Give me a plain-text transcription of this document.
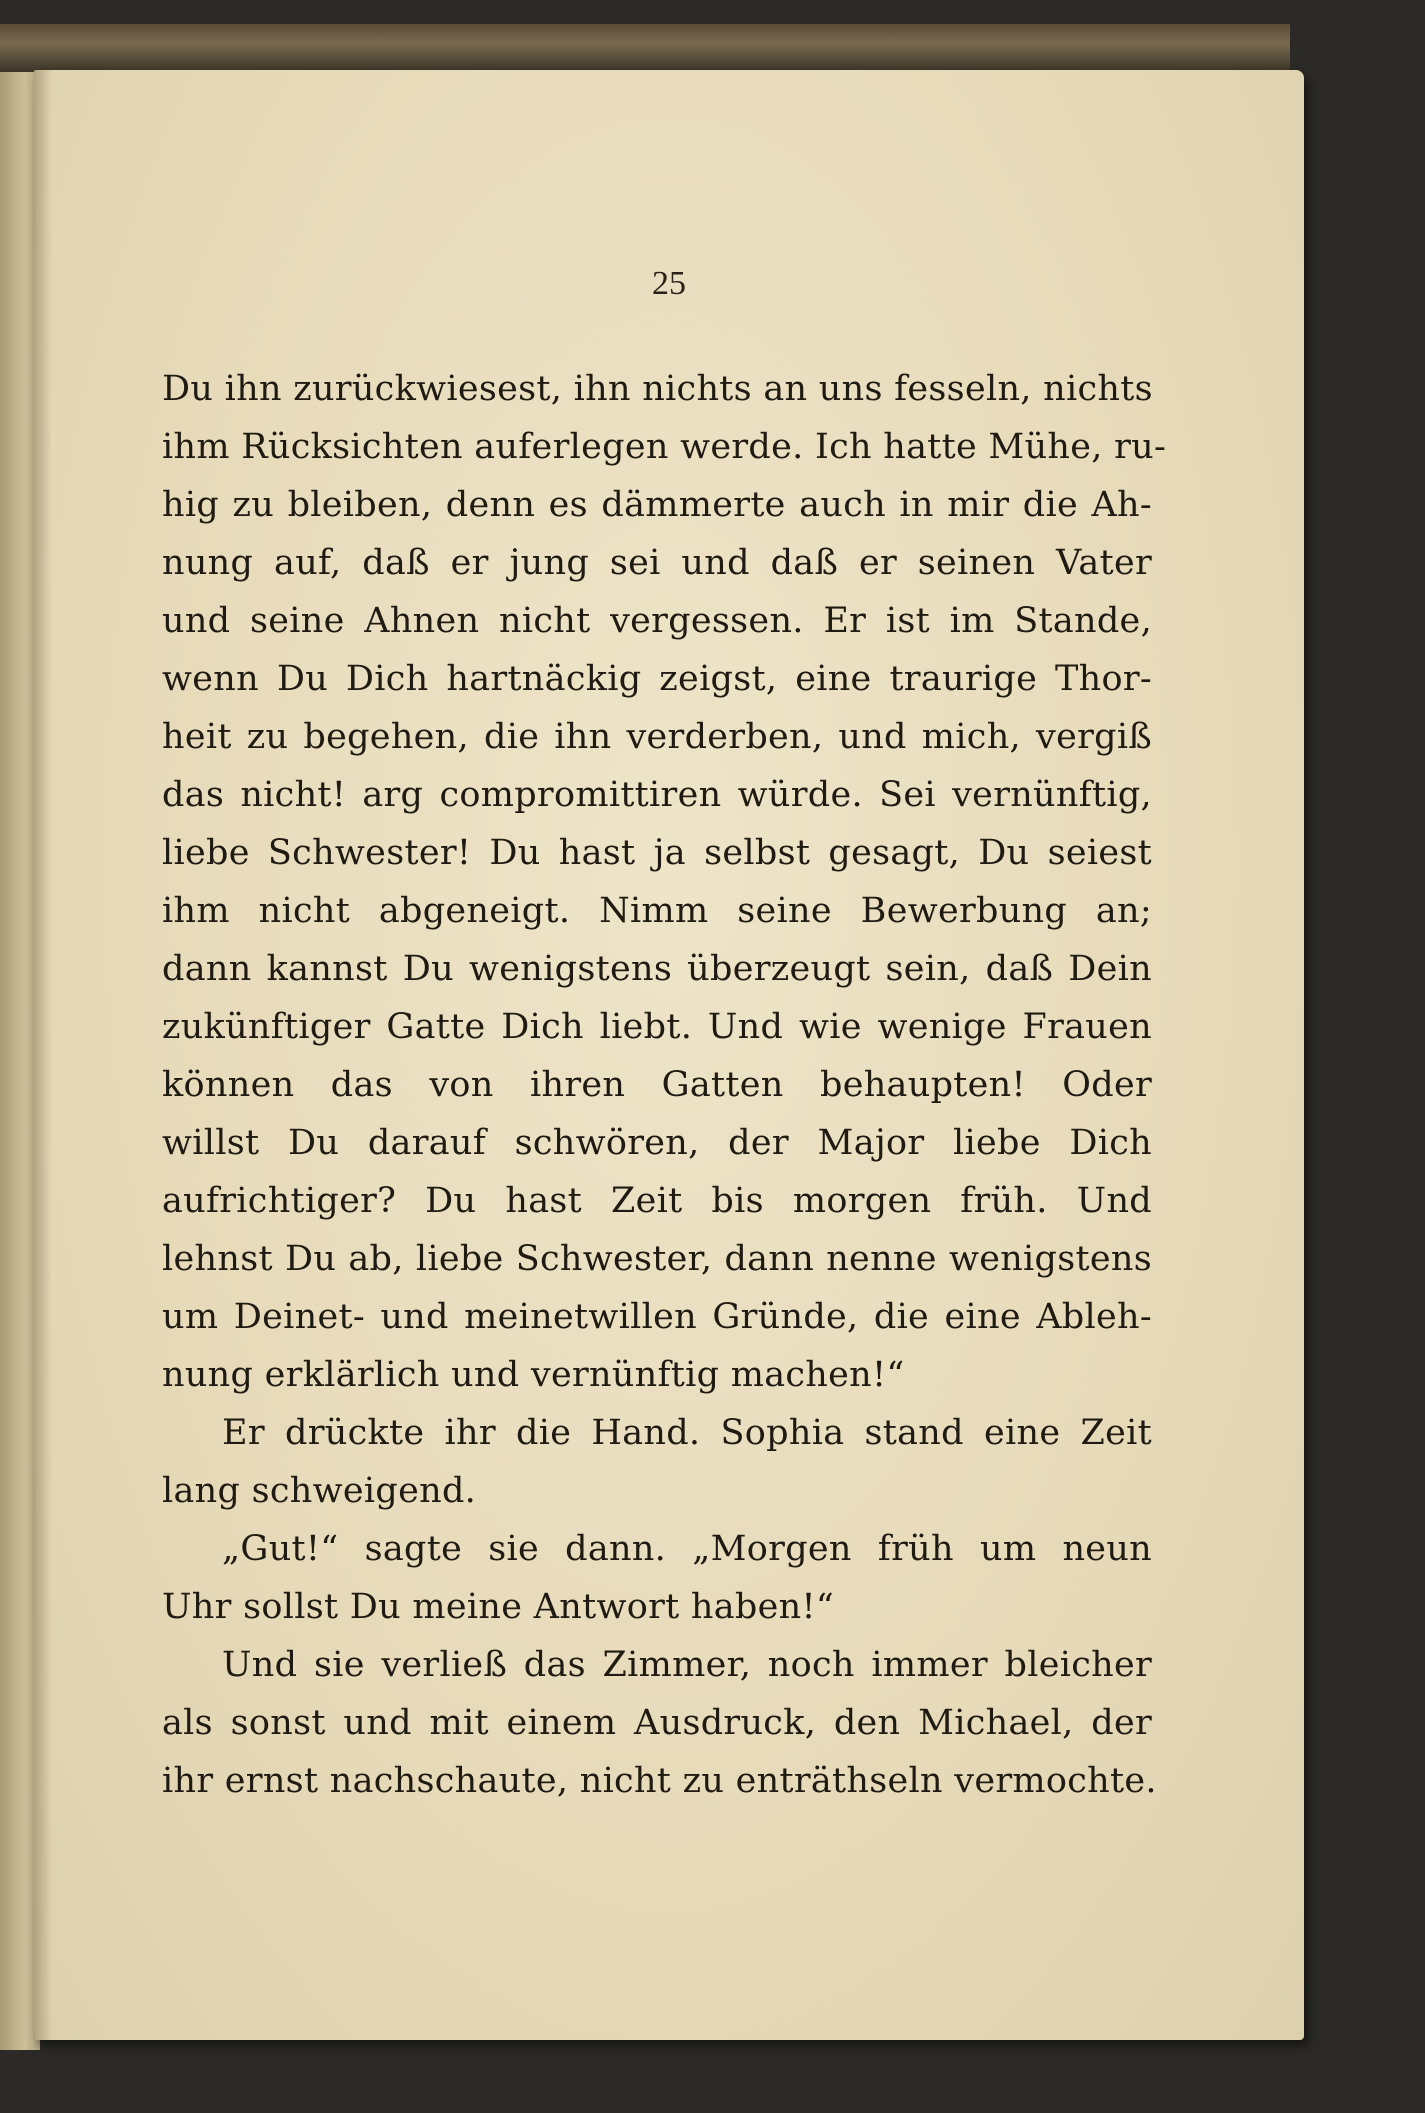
25
Du ihn zurückwiesest, ihn nichts an uns fesseln, nichts
ihm Rücksichten auferlegen werde. Ich hatte Mühe, ru-
hig zu bleiben, denn es dämmerte auch in mir die Ah-
nung auf, daß er jung sei und daß er seinen Vater
und seine Ahnen nicht vergessen. Er ist im Stande,
wenn Du Dich hartnäckig zeigst, eine traurige Thor-
heit zu begehen, die ihn verderben, und mich, vergiß
das nicht! arg compromittiren würde. Sei vernünftig,
liebe Schwester! Du hast ja selbst gesagt, Du seiest
ihm nicht abgeneigt. Nimm seine Bewerbung an;
dann kannst Du wenigstens überzeugt sein, daß Dein
zukünftiger Gatte Dich liebt. Und wie wenige Frauen
können das von ihren Gatten behaupten! Oder
willst Du darauf schwören, der Major liebe Dich
aufrichtiger? Du hast Zeit bis morgen früh. Und
lehnst Du ab, liebe Schwester, dann nenne wenigstens
um Deinet- und meinetwillen Gründe, die eine Ableh-
nung erklärlich und vernünftig machen!“
Er drückte ihr die Hand. Sophia stand eine Zeit
lang schweigend.
„Gut!“ sagte sie dann. „Morgen früh um neun
Uhr sollst Du meine Antwort haben!“
Und sie verließ das Zimmer, noch immer bleicher
als sonst und mit einem Ausdruck, den Michael, der
ihr ernst nachschaute, nicht zu enträthseln vermochte.
